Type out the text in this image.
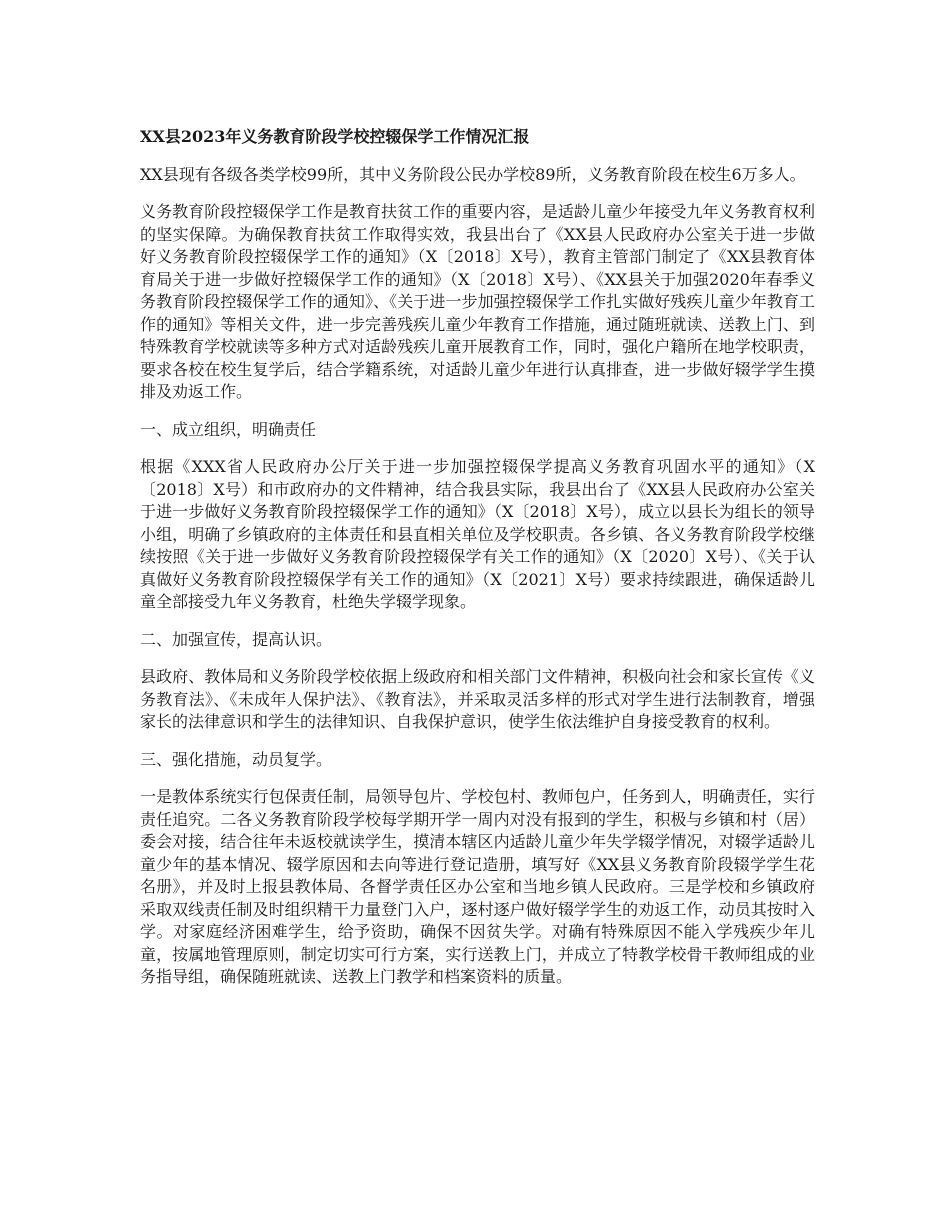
XX县2023年义务教育阶段学校控辍保学工作情况汇报

XX县现有各级各类学校99所，其中义务阶段公民办学校89所，义务教育阶段在校生6万多人。

义务教育阶段控辍保学工作是教育扶贫工作的重要内容，是适龄儿童少年接受九年义务教育权利的坚实保障。为确保教育扶贫工作取得实效，我县出台了《XX县人民政府办公室关于进一步做好义务教育阶段控辍保学工作的通知》（X〔2018〕X号），教育主管部门制定了《XX县教育体育局关于进一步做好控辍保学工作的通知》（X〔2018〕X号）、《XX县关于加强2020年春季义务教育阶段控辍保学工作的通知》、《关于进一步加强控辍保学工作扎实做好残疾儿童少年教育工作的通知》等相关文件，进一步完善残疾儿童少年教育工作措施，通过随班就读、送教上门、到特殊教育学校就读等多种方式对适龄残疾儿童开展教育工作，同时，强化户籍所在地学校职责，要求各校在校生复学后，结合学籍系统，对适龄儿童少年进行认真排查，进一步做好辍学学生摸排及劝返工作。

一、成立组织，明确责任

根据《XXX省人民政府办公厅关于进一步加强控辍保学提高义务教育巩固水平的通知》（X〔2018〕X号）和市政府办的文件精神，结合我县实际，我县出台了《XX县人民政府办公室关于进一步做好义务教育阶段控辍保学工作的通知》（X〔2018〕X号），成立以县长为组长的领导小组，明确了乡镇政府的主体责任和县直相关单位及学校职责。各乡镇、各义务教育阶段学校继续按照《关于进一步做好义务教育阶段控辍保学有关工作的通知》（X〔2020〕X号）、《关于认真做好义务教育阶段控辍保学有关工作的通知》（X〔2021〕X号）要求持续跟进，确保适龄儿童全部接受九年义务教育，杜绝失学辍学现象。

二、加强宣传，提高认识。

县政府、教体局和义务阶段学校依据上级政府和相关部门文件精神，积极向社会和家长宣传《义务教育法》、《未成年人保护法》、《教育法》，并采取灵活多样的形式对学生进行法制教育，增强家长的法律意识和学生的法律知识、自我保护意识，使学生依法维护自身接受教育的权利。

三、强化措施，动员复学。

一是教体系统实行包保责任制，局领导包片、学校包村、教师包户，任务到人，明确责任，实行责任追究。二各义务教育阶段学校每学期开学一周内对没有报到的学生，积极与乡镇和村（居）委会对接，结合往年未返校就读学生，摸清本辖区内适龄儿童少年失学辍学情况，对辍学适龄儿童少年的基本情况、辍学原因和去向等进行登记造册，填写好《XX县义务教育阶段辍学学生花名册》，并及时上报县教体局、各督学责任区办公室和当地乡镇人民政府。三是学校和乡镇政府采取双线责任制及时组织精干力量登门入户，逐村逐户做好辍学学生的劝返工作，动员其按时入学。对家庭经济困难学生，给予资助，确保不因贫失学。对确有特殊原因不能入学残疾少年儿童，按属地管理原则，制定切实可行方案，实行送教上门，并成立了特教学校骨干教师组成的业务指导组，确保随班就读、送教上门教学和档案资料的质量。
